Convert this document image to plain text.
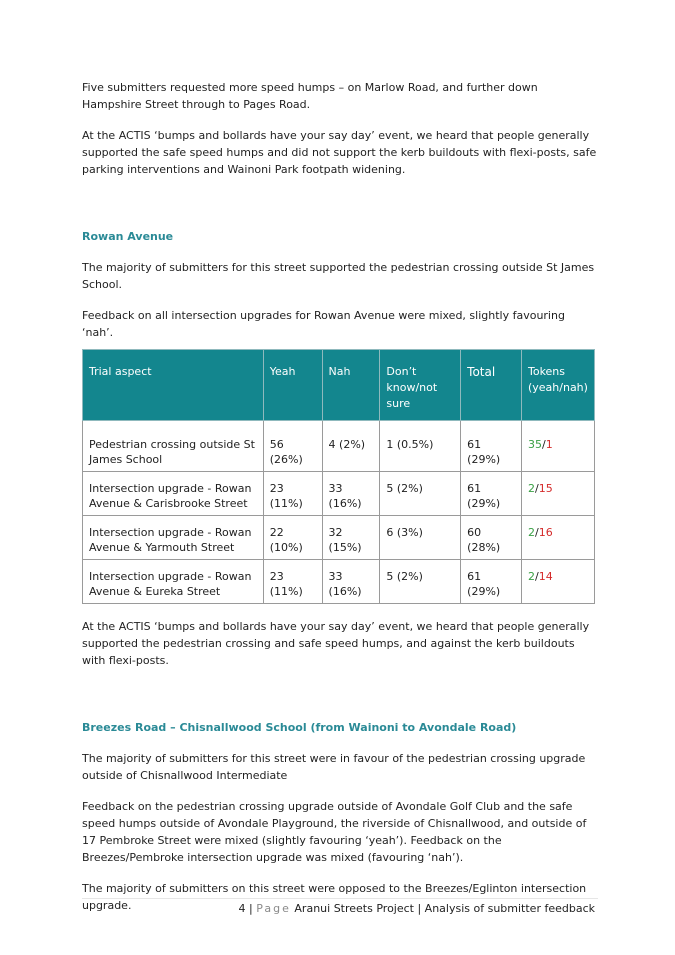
Five submitters requested more speed humps – on Marlow Road, and further down Hampshire Street through to Pages Road.

At the ACTIS ‘bumps and bollards have your say day’ event, we heard that people generally supported the safe speed humps and did not support the kerb buildouts with flexi-posts, safe parking interventions and Wainoni Park footpath widening.

Rowan Avenue

The majority of submitters for this street supported the pedestrian crossing outside St James School.

Feedback on all intersection upgrades for Rowan Avenue were mixed, slightly favouring ‘nah’.

Trial aspect	Yeah	Nah	Don’t know/not sure	Total	Tokens (yeah/nah)
Pedestrian crossing outside St James School	56 (26%)	4 (2%)	1 (0.5%)	61 (29%)	35/1
Intersection upgrade - Rowan Avenue & Carisbrooke Street	23 (11%)	33 (16%)	5 (2%)	61 (29%)	2/15
Intersection upgrade - Rowan Avenue & Yarmouth Street	22 (10%)	32 (15%)	6 (3%)	60 (28%)	2/16
Intersection upgrade - Rowan Avenue & Eureka Street	23 (11%)	33 (16%)	5 (2%)	61 (29%)	2/14

At the ACTIS ‘bumps and bollards have your say day’ event, we heard that people generally supported the pedestrian crossing and safe speed humps, and against the kerb buildouts with flexi-posts.

Breezes Road – Chisnallwood School (from Wainoni to Avondale Road)

The majority of submitters for this street were in favour of the pedestrian crossing upgrade outside of Chisnallwood Intermediate

Feedback on the pedestrian crossing upgrade outside of Avondale Golf Club and the safe speed humps outside of Avondale Playground, the riverside of Chisnallwood, and outside of 17 Pembroke Street were mixed (slightly favouring ‘yeah’). Feedback on the Breezes/Pembroke intersection upgrade was mixed (favouring ‘nah’).

The majority of submitters on this street were opposed to the Breezes/Eglinton intersection upgrade.	4 | Page Aranui Streets Project | Analysis of submitter feedback
